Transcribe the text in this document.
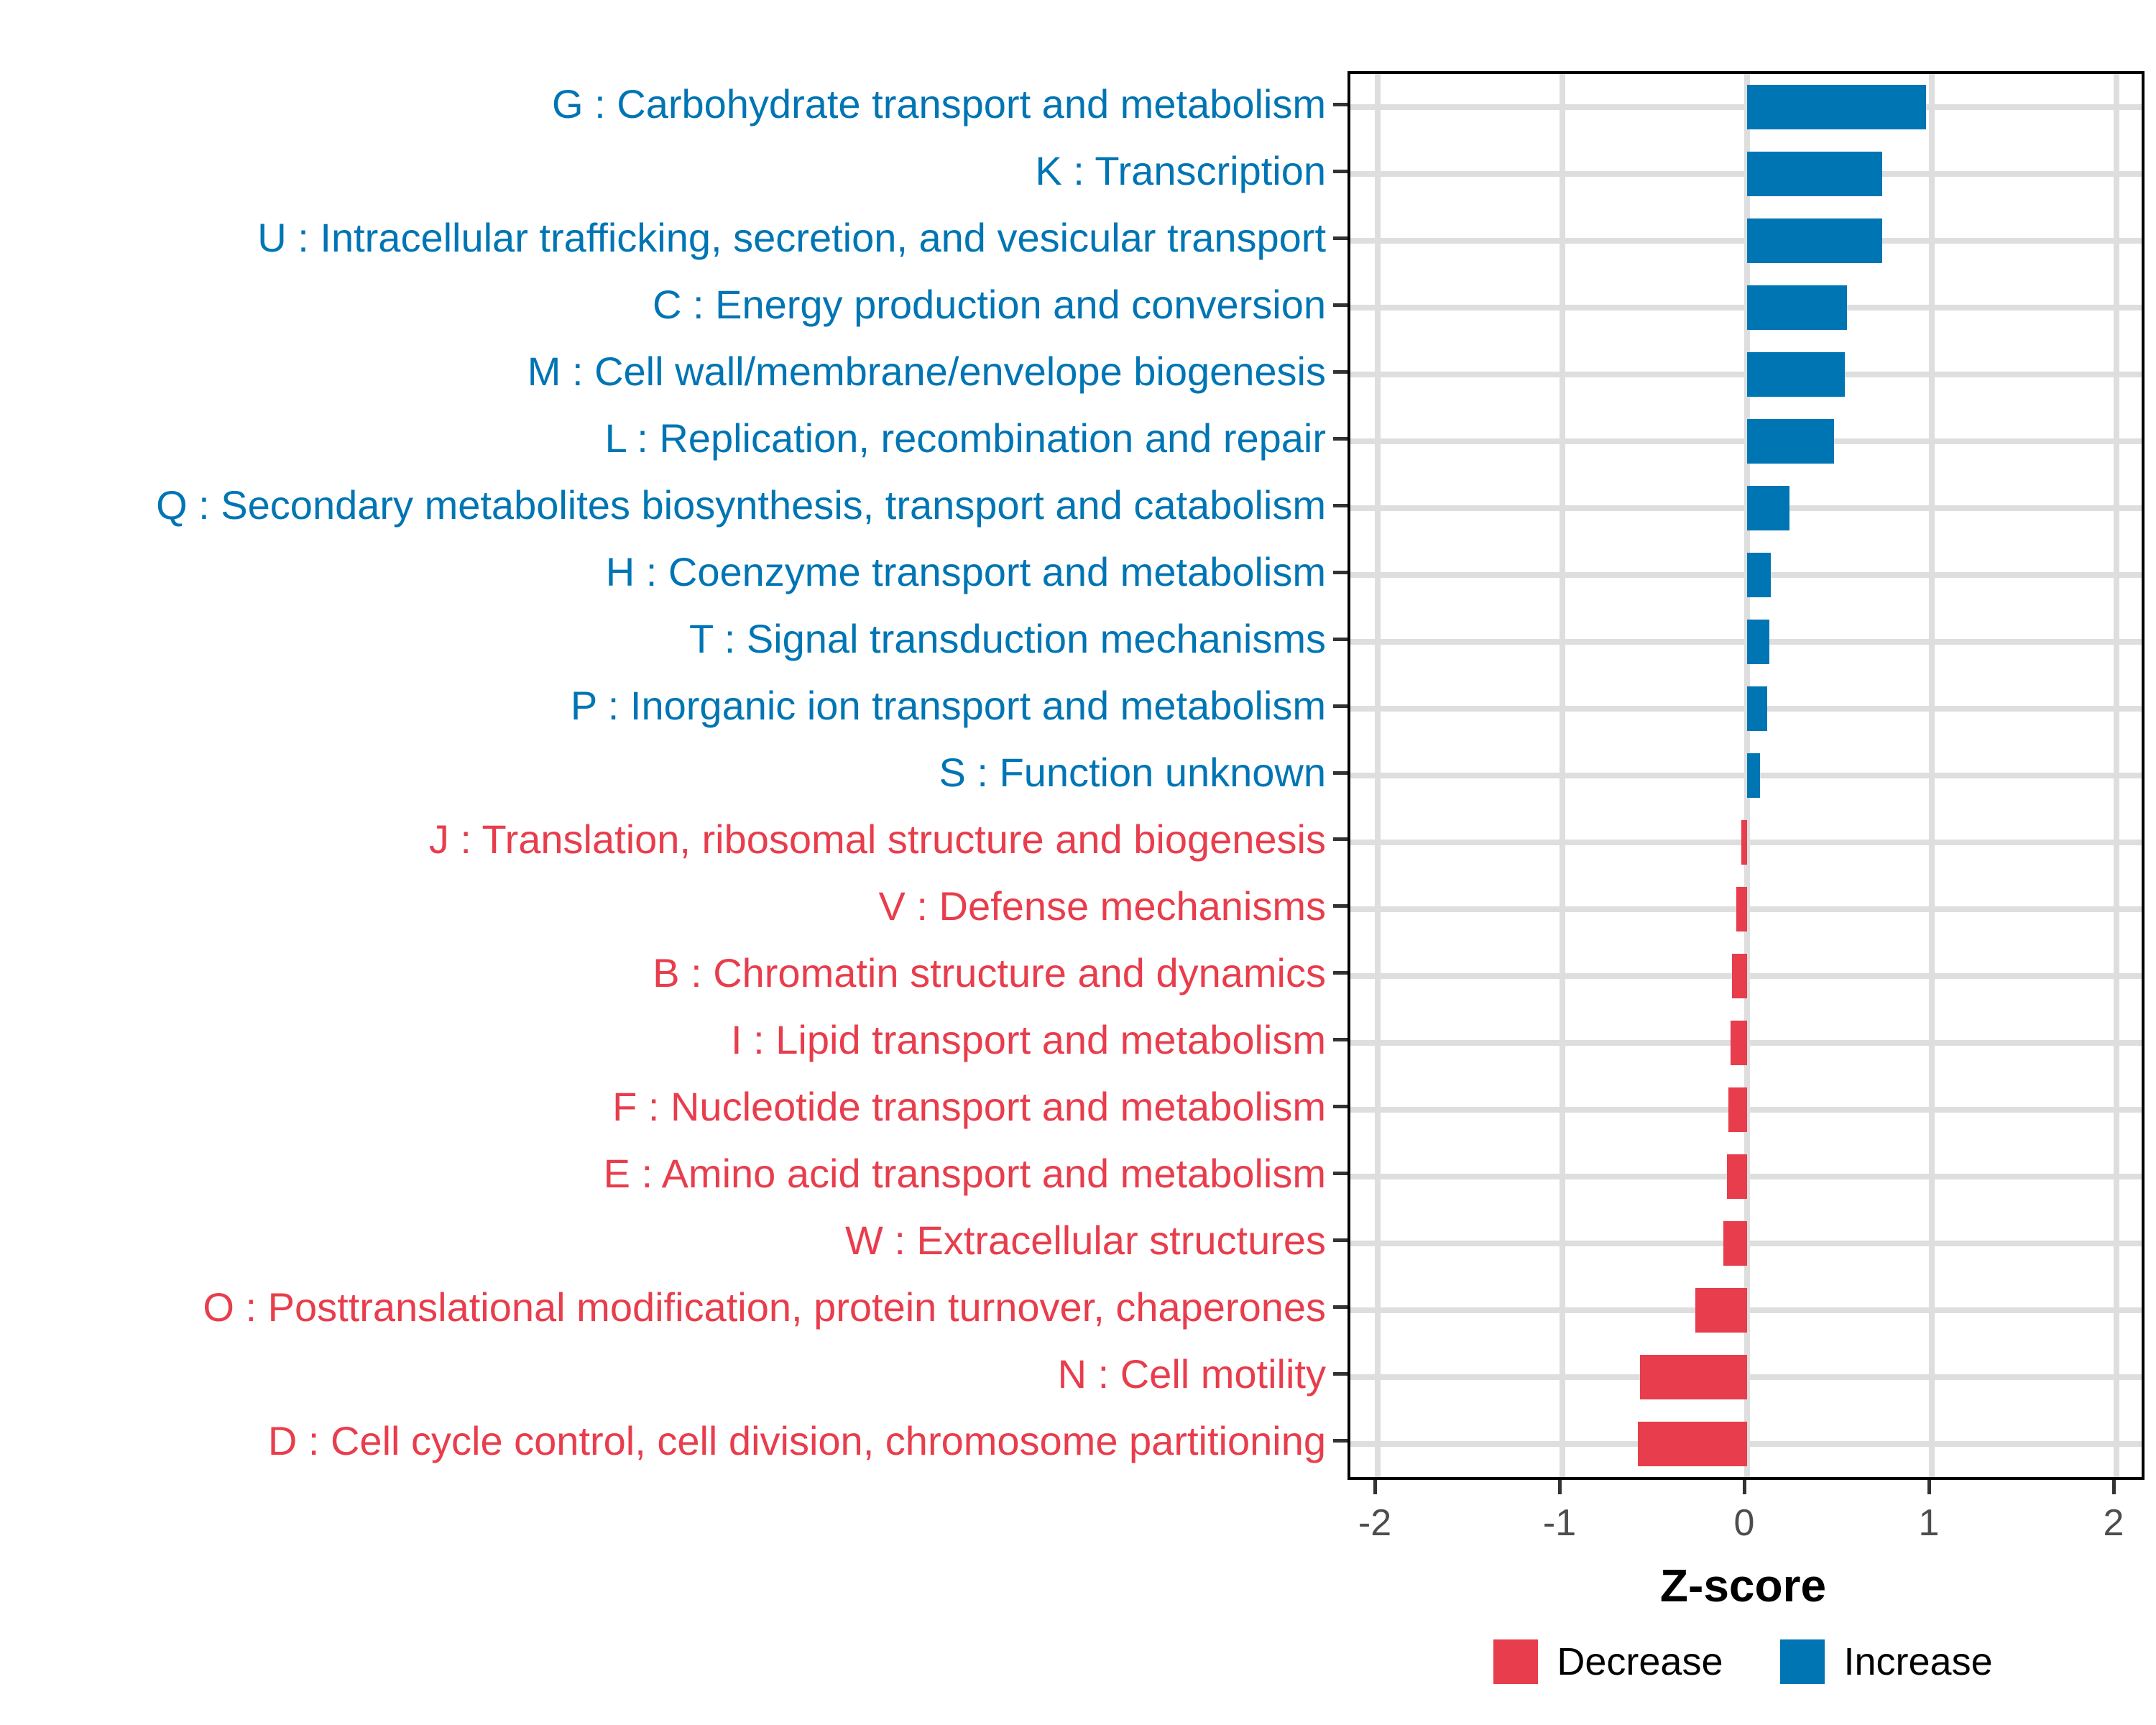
G : Carbohydrate transport and metabolism
K : Transcription
U : Intracellular trafficking, secretion, and vesicular transport
C : Energy production and conversion
M : Cell wall/membrane/envelope biogenesis
L : Replication, recombination and repair
Q : Secondary metabolites biosynthesis, transport and catabolism
H : Coenzyme transport and metabolism
T : Signal transduction mechanisms
P : Inorganic ion transport and metabolism
S : Function unknown
J : Translation, ribosomal structure and biogenesis
V : Defense mechanisms
B : Chromatin structure and dynamics
I : Lipid transport and metabolism
F : Nucleotide transport and metabolism
E : Amino acid transport and metabolism
W : Extracellular structures
O : Posttranslational modification, protein turnover, chaperones
N : Cell motility
D : Cell cycle control, cell division, chromosome partitioning
-2	-1	0	1	2
Z-score
Decrease	Increase
